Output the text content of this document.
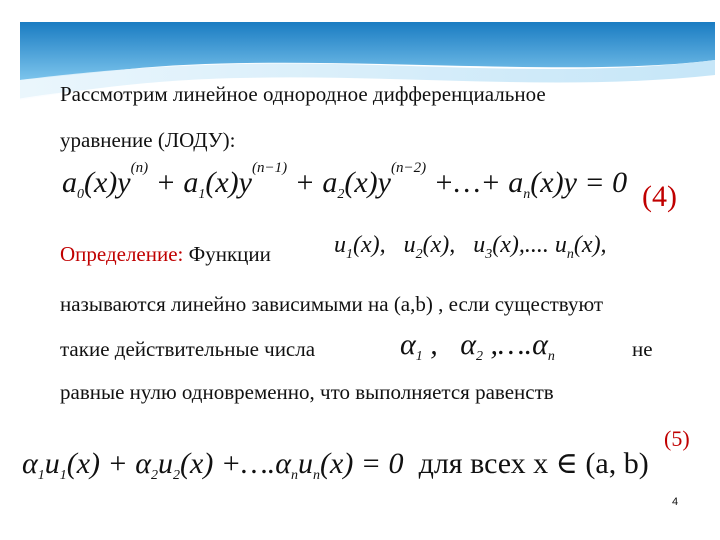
Рассмотрим линейное однородное дифференциальное
уравнение (ЛОДУ):
$a_0(x)y^{(n)} + a_1(x)y^{(n-1)} + a_2(x)y^{(n-2)}$ +…+ $a_n(x)y = 0$ (4)
Определение: Функции	$u_1(x)$,   $u_2(x)$,   $u_3(x)$,.... $u_n(x)$,
называются линейно зависимыми на (a,b) , если существуют
такие действительные числа	$\alpha_1$ ,   $\alpha_2$ $,\dots.\alpha_n$	не
равные нулю одновременно, что выполняется равенств
(5)
$\alpha_1u_1(x) + \alpha_2u_2(x)$ $+\dots.\alpha_nu_n(x) = 0$  для всех x ∈ (a, b)
4
